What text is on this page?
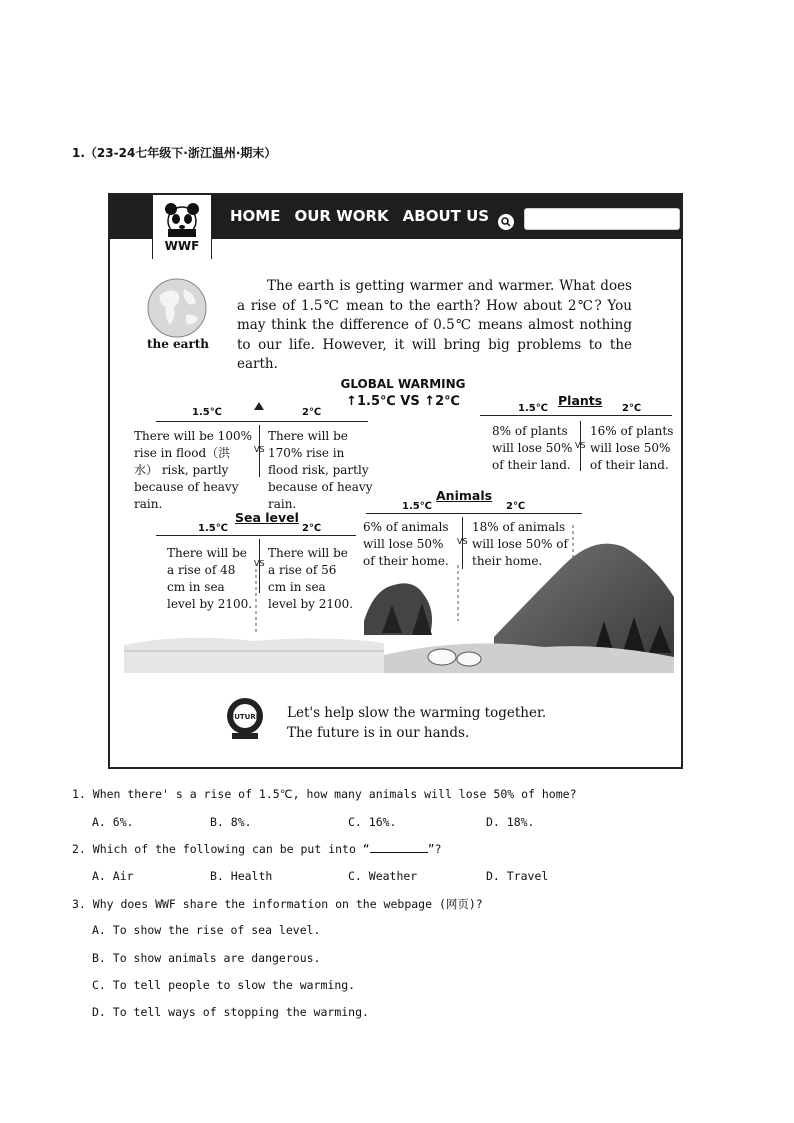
1.（23-24七年级下·浙江温州·期末）
WWF
HOME OUR WORK ABOUT US
the earth
The earth is getting warmer and warmer. What does a rise of 1.5℃ mean to the earth? How about 2℃? You may think the difference of 0.5℃ means almost nothing to our life. However, it will bring big problems to the earth.
GLOBAL WARMING
↑1.5℃ VS ↑2℃
1.5℃	2℃
VS
There will be 100% rise in flood（洪水） risk, partly because of heavy rain.
There will be 170% rise in flood risk, partly because of heavy rain.
Plants
1.5℃	2℃
VS
8% of plants will lose 50% of their land.
16% of plants will lose 50% of their land.
Animals
1.5℃	2℃
VS
6% of animals will lose 50% of their home.
18% of animals will lose 50% of their home.
Sea level
1.5℃	2℃
VS
There will be a rise of 48 cm in sea level by 2100.
There will be a rise of 56 cm in sea level by 2100.
FUTURE Let's help slow the warming together.
The future is in our hands.
1. When there' s a rise of 1.5℃, how many animals will lose 50% of home?
A. 6%.	B. 8%.	C. 16%.	D. 18%.
2. Which of the following can be put into “	”?
A. Air	B. Health	C. Weather	D. Travel
3. Why does WWF share the information on the webpage (网页)?
A. To show the rise of sea level.
B. To show animals are dangerous.
C. To tell people to slow the warming.
D. To tell ways of stopping the warming.
